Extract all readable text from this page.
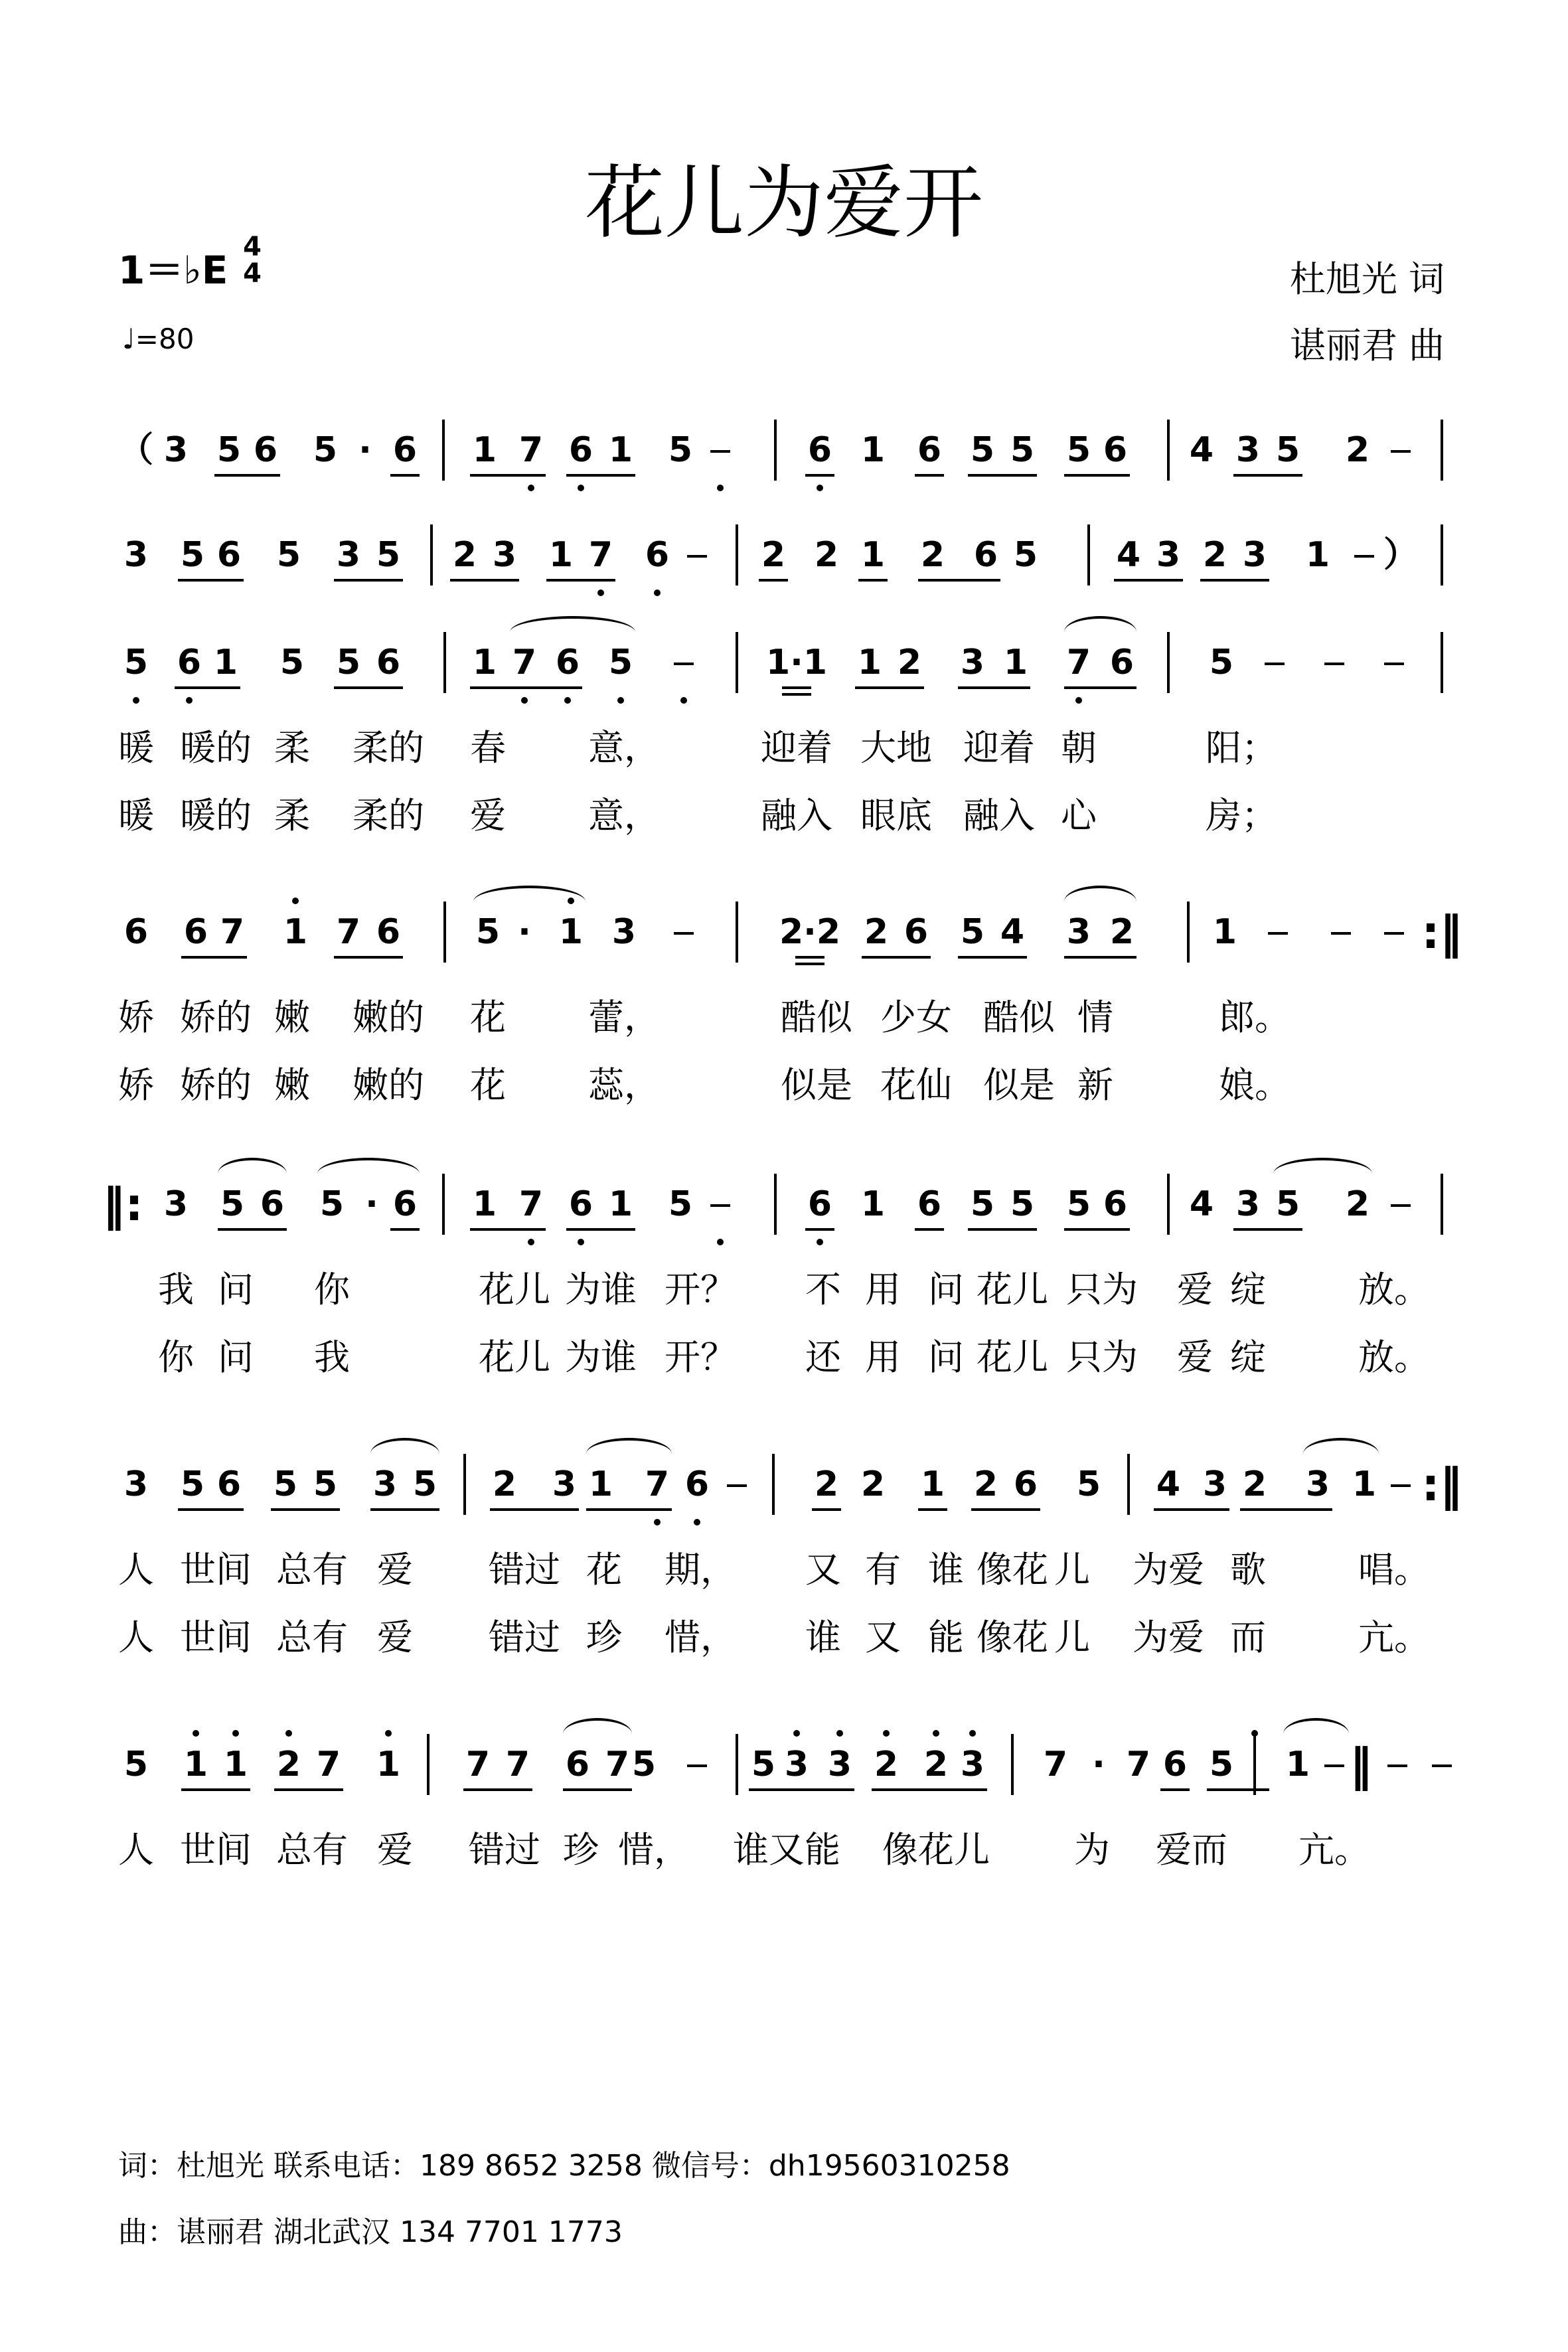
花儿为爱开
1＝♭E
4
4
♩=80
杜旭光 词
谌丽君 曲
（ 3 5 6 5 · 6 1 7 6 1 5	6 1 6 5 5 5 6 4 3 5 2
3 5 6 5 3 5 2 3 1 7 6	2 2 1 2 6 5 4 3 2 3 1 ）
5 6 1 5 5 6 1 7 6 5	1·1 1 2 3 1 7 6 5
暖 暖的 柔 柔的 春 意，	迎着 大地 迎着 朝	阳；
暖 暖的 柔 柔的 爱 意，	融入 眼底 融入 心	房；
6 6 7 1 7 6 5 · 1 3	2·2 2 6 5 4 3 2 1	:‖
娇 娇的 嫩 嫩的 花 蕾，	酷似 少女 酷似 情	郎。
娇 娇的 嫩 嫩的 花 蕊，	似是 花仙 似是 新	娘。
‖: 3 5 6 5 · 6 1 7 6 1 5	6 1 6 5 5 5 6 4 3 5 2
我 问 你	花儿 为谁 开？ 不 用 问 花儿 只为 爱 绽	放。
你 问 我	花儿 为谁 开？ 还 用 问 花儿 只为 爱 绽	放。
3 5 6 5 5 3 5 2 3 1 7 6	2 2 1 2 6 5 4 3 2 3 1 :‖
人 世间 总有 爱 错过 花 期， 又 有 谁 像花 儿 为爱 歌	唱。
人 世间 总有 爱 错过 珍 惜， 谁 又 能 像花 儿 为爱 而	亢。
5 1 1 2 7 1 7 7 6 7 5	5 3 3 2 2 3 7 · 7 6 5 1 ‖
人 世间 总有 爱 错过 珍 惜， 谁又能 像花儿 为 爱而 亢。
词：杜旭光 联系电话：189 8652 3258 微信号：dh19560310258
曲：谌丽君 湖北武汉 134 7701 1773
